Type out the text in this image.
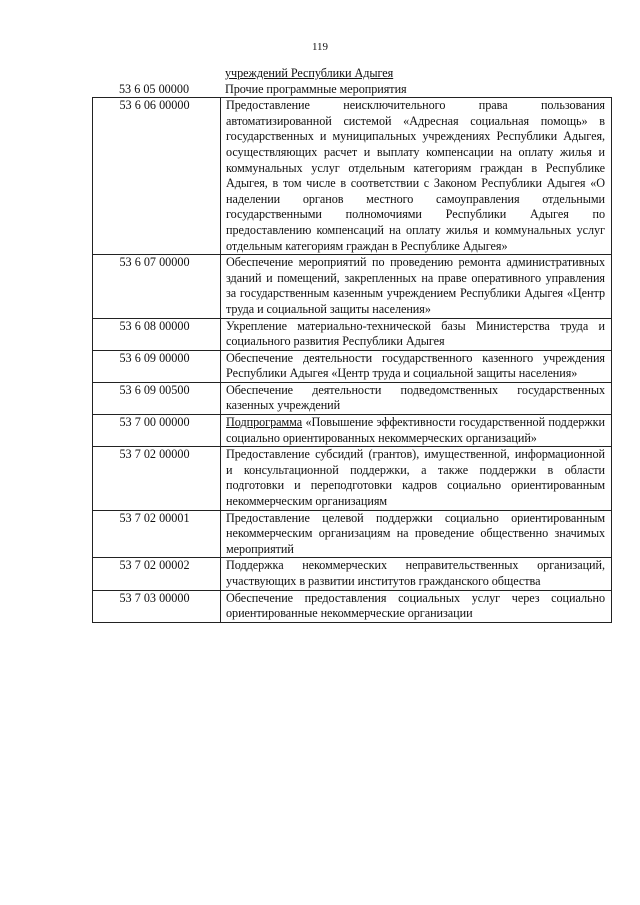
119
учреждений Республики Адыгея
53 6 05 00000	Прочие программные мероприятия
53 6 06 00000	Предоставление неисключительного права пользования автоматизированной системой «Адресная социальная помощь» в государственных и муниципальных учреждениях Республики Адыгея, осуществляющих расчет и выплату компенсации на оплату жилья и коммунальных услуг отдельным категориям граждан в Республике Адыгея, в том числе в соответствии с Законом Республики Адыгея «О наделении органов местного самоуправления отдельными государственными полномочиями Республики Адыгея по предоставлению компенсаций на оплату жилья и коммунальных услуг отдельным категориям граждан в Республике Адыгея»
53 6 07 00000	Обеспечение мероприятий по проведению ремонта административных зданий и помещений, закрепленных на праве оперативного управления за государственным казенным учреждением Республики Адыгея «Центр труда и социальной защиты населения»
53 6 08 00000	Укрепление материально-технической базы Министерства труда и социального развития Республики Адыгея
53 6 09 00000	Обеспечение деятельности государственного казенного учреждения Республики Адыгея «Центр труда и социальной защиты населения»
53 6 09 00500	Обеспечение деятельности подведомственных государственных казенных учреждений
53 7 00 00000	Подпрограмма «Повышение эффективности государственной поддержки социально ориентированных некоммерческих организаций»
53 7 02 00000	Предоставление субсидий (грантов), имущественной, информационной и консультационной поддержки, а также поддержки в области подготовки и переподготовки кадров социально ориентированным некоммерческим организациям
53 7 02 00001	Предоставление целевой поддержки социально ориентированным некоммерческим организациям на проведение общественно значимых мероприятий
53 7 02 00002	Поддержка некоммерческих неправительственных организаций, участвующих в развитии институтов гражданского общества
53 7 03 00000	Обеспечение предоставления социальных услуг через социально ориентированные некоммерческие организации
